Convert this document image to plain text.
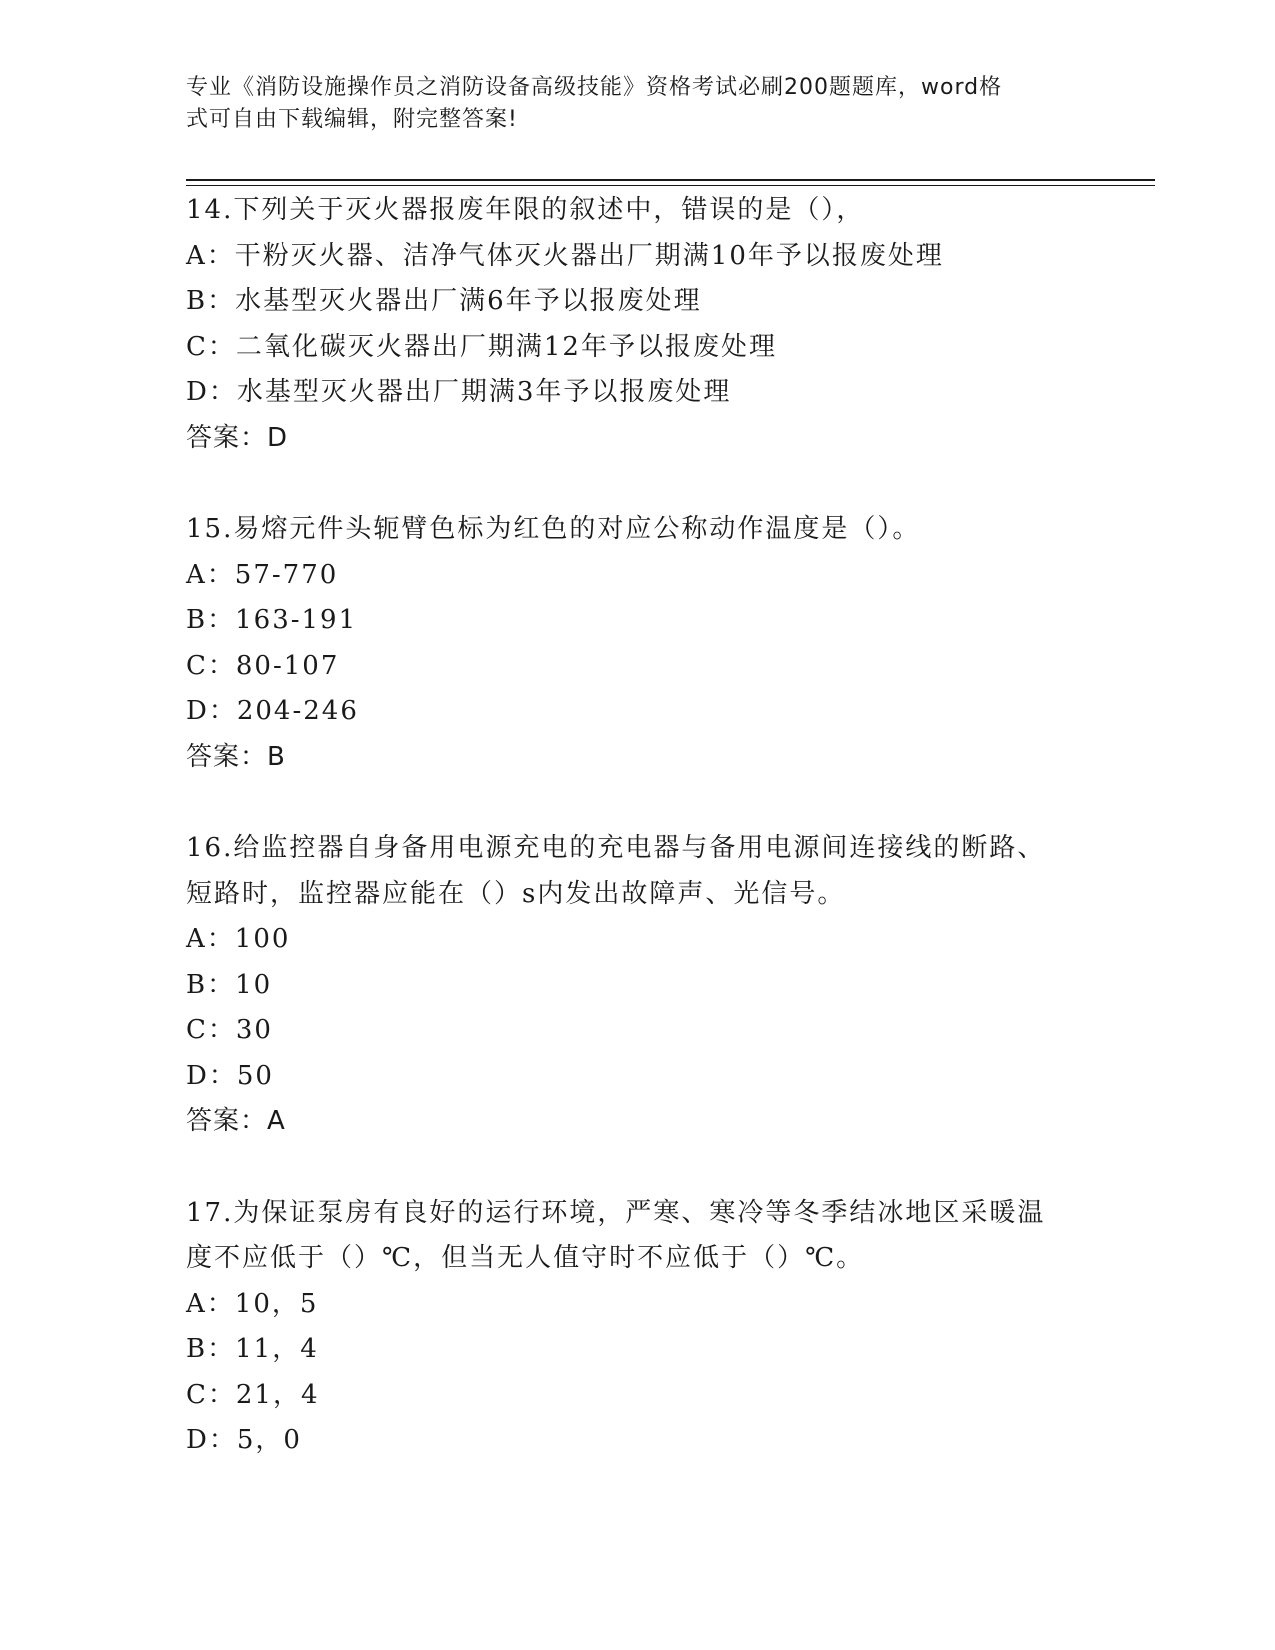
专业《消防设施操作员之消防设备高级技能》资格考试必刷200题题库，word格
式可自由下载编辑，附完整答案!
14.下列关于灭火器报废年限的叙述中，错误的是（），
A：干粉灭火器、洁净气体灭火器出厂期满10年予以报废处理
B：水基型灭火器出厂满6年予以报废处理
C：二氧化碳灭火器出厂期满12年予以报废处理
D：水基型灭火器出厂期满3年予以报废处理
答案：D
15.易熔元件头轭臂色标为红色的对应公称动作温度是（）。
A：57-770
B：163-191
C：80-107
D：204-246
答案：B
16.给监控器自身备用电源充电的充电器与备用电源间连接线的断路、
短路时，监控器应能在（）s内发出故障声、光信号。
A：100
B：10
C：30
D：50
答案：A
17.为保证泵房有良好的运行环境，严寒、寒冷等冬季结冰地区采暖温
度不应低于（）℃，但当无人值守时不应低于（）℃。
A：10，5
B：11，4
C：21，4
D：5，0
